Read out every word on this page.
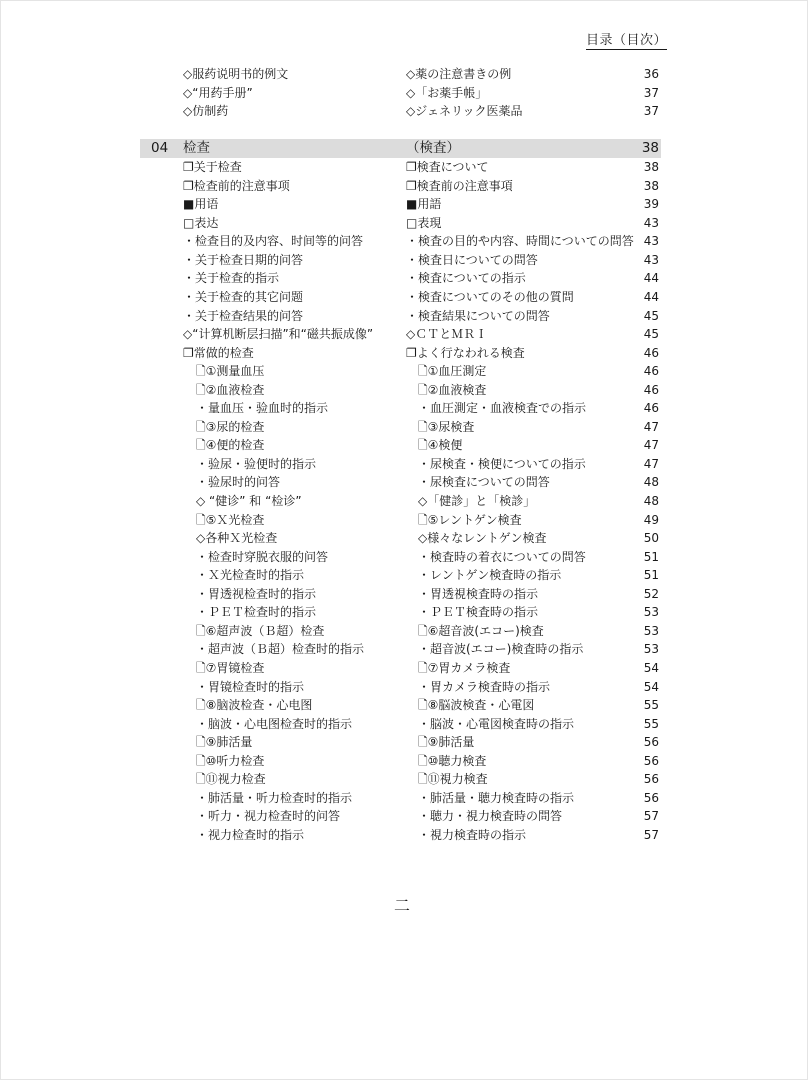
目录（目次）
◇服药说明书的例文	◇薬の注意書きの例	36
◇“用药手册”	◇「お薬手帳」	37
◇仿制药	◇ジェネリック医薬品	37
04 检查	（検査）	38
❐关于检查	❐検査について	38
❐检查前的注意事项	❐検査前の注意事項	38
■用语	■用語	39
□表达	□表現	43
・检查目的及内容、时间等的问答	・検査の目的や内容、時間についての問答 43
・关于检查日期的问答	・検査日についての問答	43
・关于检查的指示	・検査についての指示	44
・关于检查的其它问题	・検査についてのその他の質問	44
・关于检查结果的问答	・検査結果についての問答	45
◇“计算机断层扫描”和“磁共振成像”	◇ＣＴとＭＲＩ	45
❐常做的检查	❐よく行なわれる検査	46
🗋①测量血压	🗋①血圧測定	46
🗋②血液检查	🗋②血液検査	46
・量血压・验血时的指示	・血圧測定・血液検査での指示	46
🗋③尿的检查	🗋③尿検査	47
🗋④便的检查	🗋④検便	47
・验尿・验便时的指示	・尿検査・検便についての指示	47
・验尿时的问答	・尿検査についての問答	48
◇ “健诊” 和 “检诊”	◇「健診」と「検診」	48
🗋⑤Ｘ光检查	🗋⑤レントゲン検査	49
◇各种Ｘ光检查	◇様々なレントゲン検査	50
・检查时穿脱衣服的问答	・検査時の着衣についての問答	51
・Ｘ光检查时的指示	・レントゲン検査時の指示	51
・胃透视检查时的指示	・胃透視検査時の指示	52
・ＰＥＴ检查时的指示	・ＰＥＴ検査時の指示	53
🗋⑥超声波（Ｂ超）检查	🗋⑥超音波(エコー)検査	53
・超声波（Ｂ超）检查时的指示	・超音波(エコー)検査時の指示	53
🗋⑦胃镜检查	🗋⑦胃カメラ検査	54
・胃镜检查时的指示	・胃カメラ検査時の指示	54
🗋⑧脑波检查・心电图	🗋⑧脳波検査・心電図	55
・脑波・心电图检查时的指示	・脳波・心電図検査時の指示	55
🗋⑨肺活量	🗋⑨肺活量	56
🗋⑩听力检查	🗋⑩聴力検査	56
🗋⑪视力检查	🗋⑪視力検査	56
・肺活量・听力检查时的指示	・肺活量・聴力検査時の指示	56
・听力・视力检查时的问答	・聴力・視力検査時の問答	57
・视力检查时的指示	・視力検査時の指示	57
二
